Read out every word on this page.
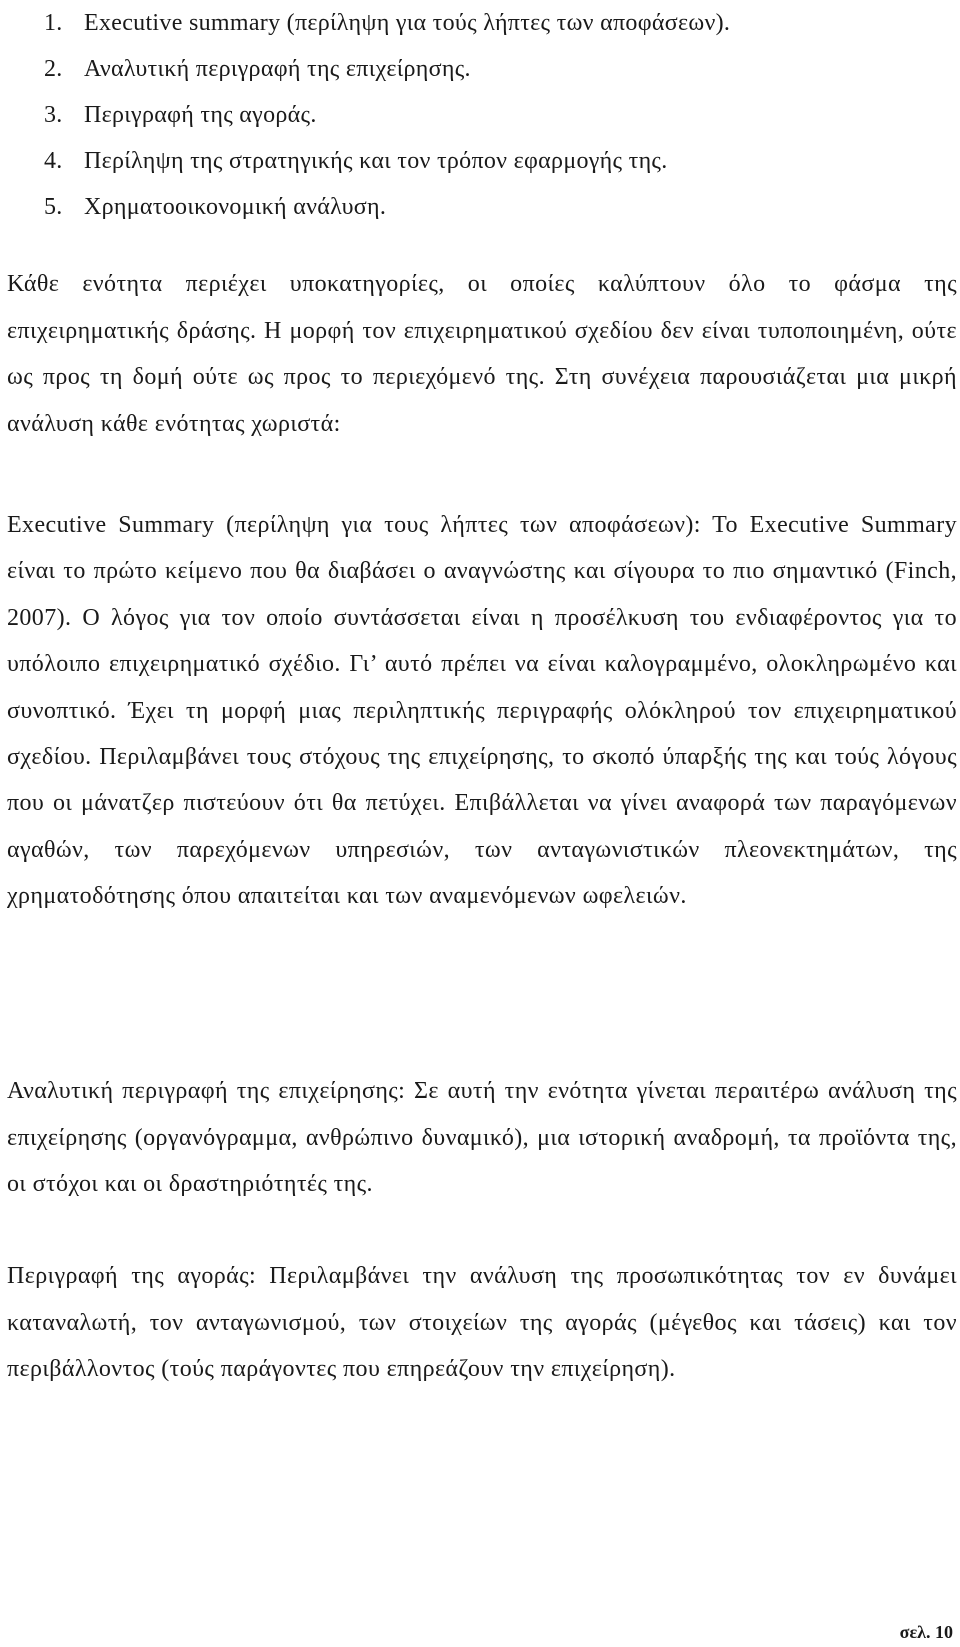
1. Executive summary (περίληψη για τούς λήπτες των αποφάσεων).
2. Αναλυτική περιγραφή της επιχείρησης.
3. Περιγραφή της αγοράς.
4. Περίληψη της στρατηγικής και τον τρόπον εφαρμογής της.
5. Χρηματοοικονομική ανάλυση.

Κάθε ενότητα περιέχει υποκατηγορίες, οι οποίες καλύπτουν όλο το φάσμα της επιχειρηματικής δράσης. Η μορφή τον επιχειρηματικού σχεδίου δεν είναι τυποποιημένη, ούτε ως προς τη δομή ούτε ως προς το περιεχόμενό της. Στη συνέχεια παρουσιάζεται μια μικρή ανάλυση κάθε ενότητας χωριστά:

Executive Summary (περίληψη για τους λήπτες των αποφάσεων): To Executive Summary είναι το πρώτο κείμενο που θα διαβάσει ο αναγνώστης και σίγουρα το πιο σημαντικό (Finch, 2007). Ο λόγος για τον οποίο συντάσσεται είναι η προσέλκυση του ενδιαφέροντος για το υπόλοιπο επιχειρηματικό σχέδιο. Γι’ αυτό πρέπει να είναι καλογραμμένο, ολοκληρωμένο και συνοπτικό. Έχει τη μορφή μιας περιληπτικής περιγραφής ολόκληρού τον επιχειρηματικού σχεδίου. Περιλαμβάνει τους στόχους της επιχείρησης, το σκοπό ύπαρξής της και τούς λόγους που οι μάνατζερ πιστεύουν ότι θα πετύχει. Επιβάλλεται να γίνει αναφορά των παραγόμενων αγαθών, των παρεχόμενων υπηρεσιών, των ανταγωνιστικών πλεονεκτημάτων, της χρηματοδότησης όπου απαιτείται και των αναμενόμενων ωφελειών.

Αναλυτική περιγραφή της επιχείρησης: Σε αυτή την ενότητα γίνεται περαιτέρω ανάλυση της επιχείρησης (οργανόγραμμα, ανθρώπινο δυναμικό), μια ιστορική αναδρομή, τα προϊόντα της, οι στόχοι και οι δραστηριότητές της.

Περιγραφή της αγοράς: Περιλαμβάνει την ανάλυση της προσωπικότητας τον εν δυνάμει καταναλωτή, τον ανταγωνισμού, των στοιχείων της αγοράς (μέγεθος και τάσεις) και τον περιβάλλοντος (τούς παράγοντες που επηρεάζουν την επιχείρηση).

σελ. 10
